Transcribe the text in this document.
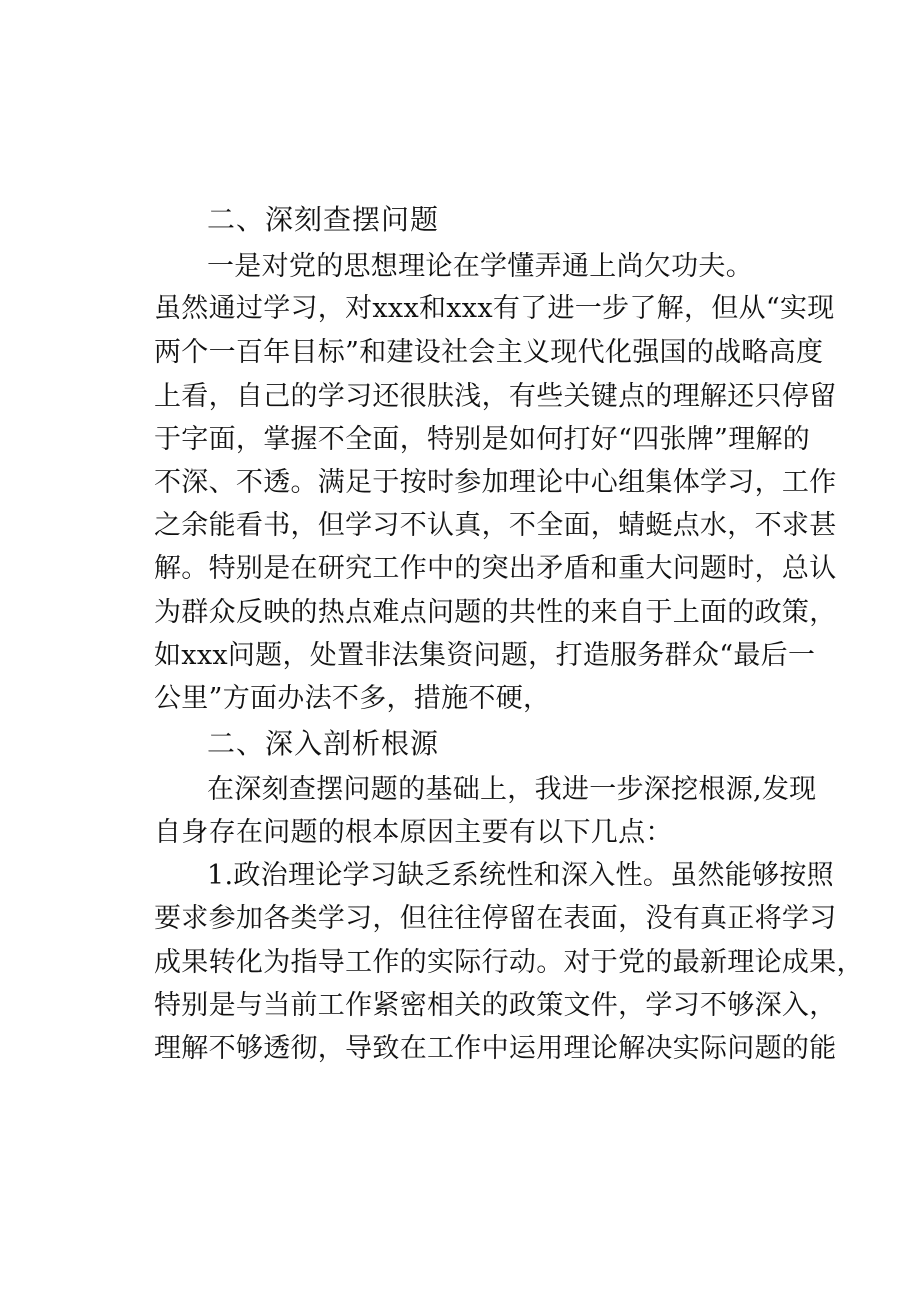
二、深刻查摆问题
一是对党的思想理论在学懂弄通上尚欠功夫。
虽然通过学习，对xxx和xxx有了进一步了解，但从“实现
两个一百年目标”和建设社会主义现代化强国的战略高度
上看，自己的学习还很肤浅，有些关键点的理解还只停留
于字面，掌握不全面，特别是如何打好“四张牌”理解的
不深、不透。满足于按时参加理论中心组集体学习，工作
之余能看书，但学习不认真，不全面，蜻蜓点水，不求甚
解。特别是在研究工作中的突出矛盾和重大问题时，总认
为群众反映的热点难点问题的共性的来自于上面的政策，
如xxx问题，处置非法集资问题，打造服务群众“最后一
公里”方面办法不多，措施不硬，
二、深入剖析根源
在深刻查摆问题的基础上，我进一步深挖根源,发现
自身存在问题的根本原因主要有以下几点：
1.政治理论学习缺乏系统性和深入性。虽然能够按照
要求参加各类学习，但往往停留在表面，没有真正将学习
成果转化为指导工作的实际行动。对于党的最新理论成果，
特别是与当前工作紧密相关的政策文件，学习不够深入，
理解不够透彻，导致在工作中运用理论解决实际问题的能
